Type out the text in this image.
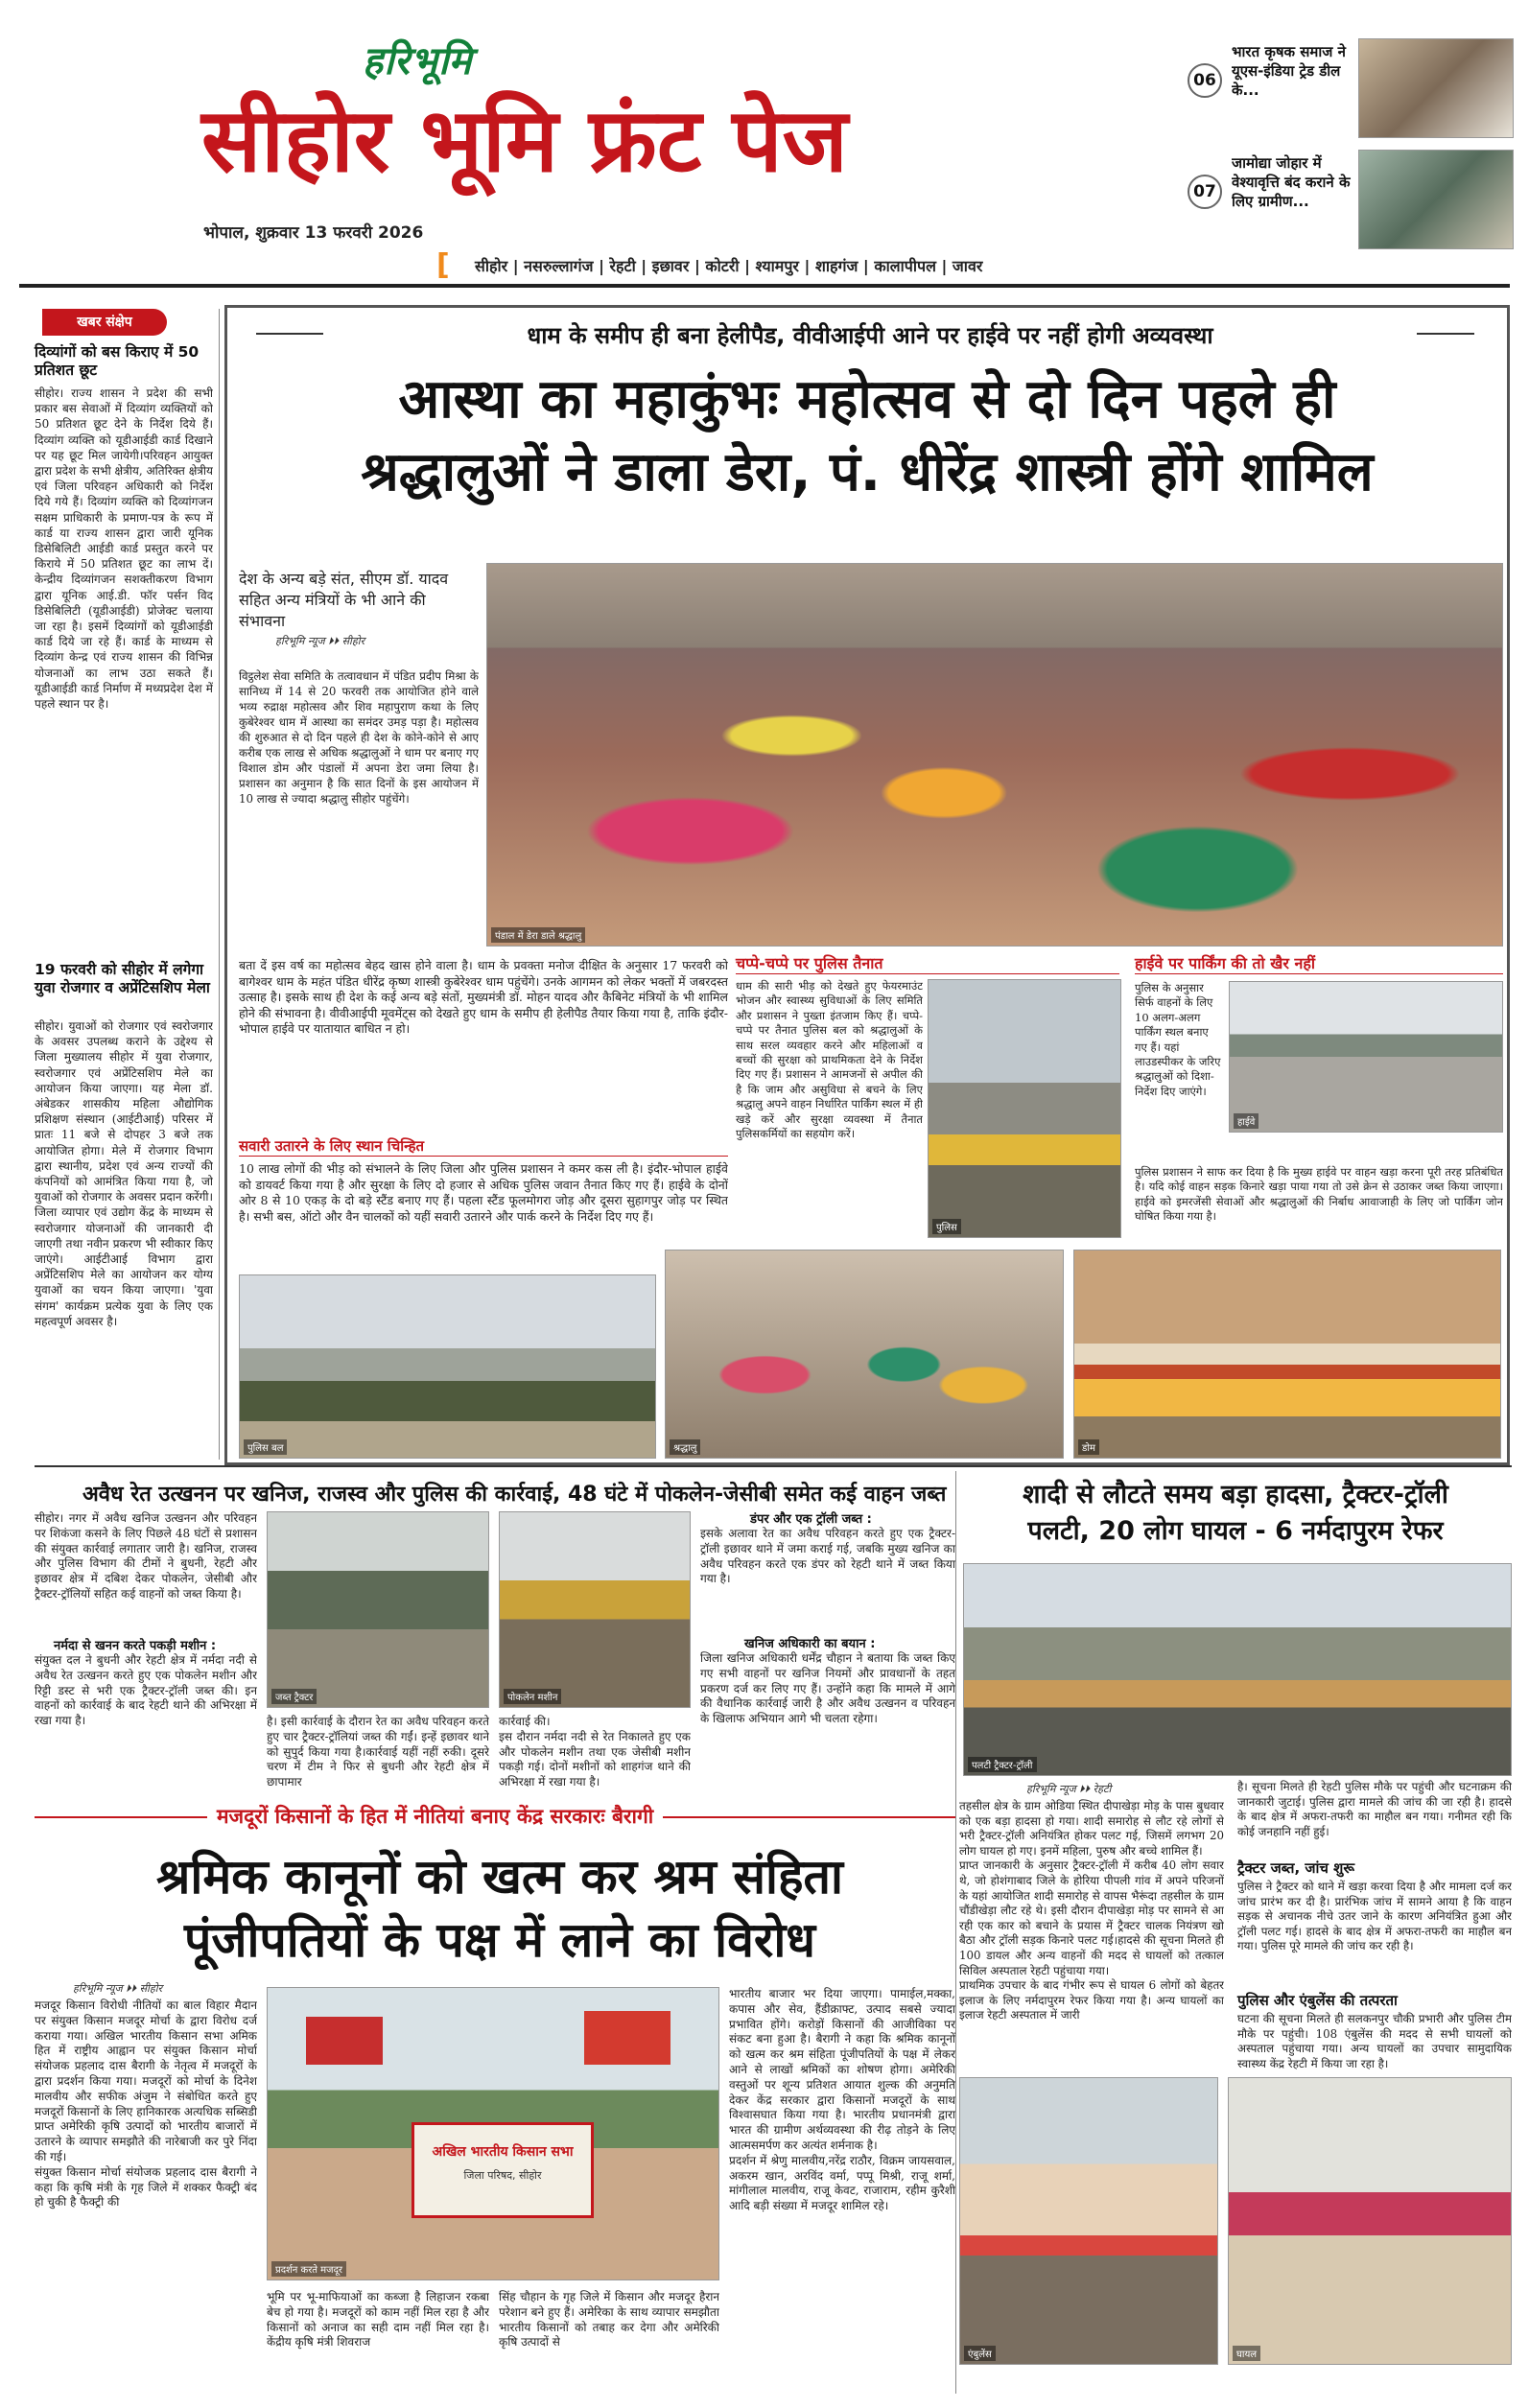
हरिभूमि
सीहोर भूमि फ्रंट पेज
भोपाल, शुक्रवार 13 फरवरी 2026
06
भारत कृषक समाज ने यूएस-इंडिया ट्रेड डील के...
07
जामोद्या जोहार में वेश्यावृत्ति बंद कराने के लिए ग्रामीण...
[ सीहोर | नसरुल्लागंज | रेहटी | इछावर | कोटरी | श्यामपुर | शाहगंज | कालापीपल | जावर
खबर संक्षेप
दिव्यांगों को बस किराए में 50 प्रतिशत छूट
सीहोर। राज्य शासन ने प्रदेश की सभी प्रकार बस सेवाओं में दिव्यांग व्यक्तियों को 50 प्रतिशत छूट देने के निर्देश दिये हैं। दिव्यांग व्यक्ति को यूडीआईडी कार्ड दिखाने पर यह छूट मिल जायेगी।परिवहन आयुक्त द्वारा प्रदेश के सभी क्षेत्रीय, अतिरिक्त क्षेत्रीय एवं जिला परिवहन अधिकारी को निर्देश दिये गये हैं। दिव्यांग व्यक्ति को दिव्यांगजन सक्षम प्राधिकारी के प्रमाण-पत्र के रूप में कार्ड या राज्य शासन द्वारा जारी यूनिक डिसेबिलिटी आईडी कार्ड प्रस्तुत करने पर किराये में 50 प्रतिशत छूट का लाभ दें।केन्द्रीय दिव्यांगजन सशक्तीकरण विभाग द्वारा यूनिक आई.डी. फॉर पर्सन विद डिसेबिलिटी (यूडीआईडी) प्रोजेक्ट चलाया जा रहा है। इसमें दिव्यांगों को यूडीआईडी कार्ड दिये जा रहे हैं। कार्ड के माध्यम से दिव्यांग केन्द्र एवं राज्य शासन की विभिन्न योजनाओं का लाभ उठा सकते हैं। यूडीआईडी कार्ड निर्माण में मध्यप्रदेश देश में पहले स्थान पर है।
19 फरवरी को सीहोर में लगेगा युवा रोजगार व अप्रेंटिसशिप मेला
सीहोर। युवाओं को रोजगार एवं स्वरोजगार के अवसर उपलब्ध कराने के उद्देश्य से जिला मुख्यालय सीहोर में युवा रोजगार, स्वरोजगार एवं अप्रेंटिसशिप मेले का आयोजन किया जाएगा। यह मेला डॉ. अंबेडकर शासकीय महिला औद्योगिक प्रशिक्षण संस्थान (आईटीआई) परिसर में प्रातः 11 बजे से दोपहर 3 बजे तक आयोजित होगा। मेले में रोजगार विभाग द्वारा स्थानीय, प्रदेश एवं अन्य राज्यों की कंपनियों को आमंत्रित किया गया है, जो युवाओं को रोजगार के अवसर प्रदान करेंगी। जिला व्यापार एवं उद्योग केंद्र के माध्यम से स्वरोजगार योजनाओं की जानकारी दी जाएगी तथा नवीन प्रकरण भी स्वीकार किए जाएंगे। आईटीआई विभाग द्वारा अप्रेंटिसशिप मेले का आयोजन कर योग्य युवाओं का चयन किया जाएगा। 'युवा संगम' कार्यक्रम प्रत्येक युवा के लिए एक महत्वपूर्ण अवसर है।
धाम के समीप ही बना हेलीपैड, वीवीआईपी आने पर हाईवे पर नहीं होगी अव्यवस्था
आस्था का महाकुंभः महोत्सव से दो दिन पहले ही
श्रद्धालुओं ने डाला डेरा, पं. धीरेंद्र शास्त्री होंगे शामिल
देश के अन्य बड़े संत, सीएम डॉ. यादव सहित अन्य मंत्रियों के भी आने की संभावना
हरिभूमि न्यूज ⏵⏵ सीहोर
पंडाल में डेरा डाले श्रद्धालु
विट्ठलेश सेवा समिति के तत्वावधान में पंडित प्रदीप मिश्रा के सानिध्य में 14 से 20 फरवरी तक आयोजित होने वाले भव्य रुद्राक्ष महोत्सव और शिव महापुराण कथा के लिए कुबेरेश्वर धाम में आस्था का समंदर उमड़ पड़ा है। महोत्सव की शुरुआत से दो दिन पहले ही देश के कोने-कोने से आए करीब एक लाख से अधिक श्रद्धालुओं ने धाम पर बनाए गए विशाल डोम और पंडालों में अपना डेरा जमा लिया है। प्रशासन का अनुमान है कि सात दिनों के इस आयोजन में 10 लाख से ज्यादा श्रद्धालु सीहोर पहुंचेंगे।
बता दें इस वर्ष का महोत्सव बेहद खास होने वाला है। धाम के प्रवक्ता मनोज दीक्षित के अनुसार 17 फरवरी को बागेश्वर धाम के महंत पंडित धीरेंद्र कृष्ण शास्त्री कुबेरेश्वर धाम पहुंचेंगे। उनके आगमन को लेकर भक्तों में जबरदस्त उत्साह है। इसके साथ ही देश के कई अन्य बड़े संतों, मुख्यमंत्री डॉ. मोहन यादव और कैबिनेट मंत्रियों के भी शामिल होने की संभावना है। वीवीआईपी मूवमेंट्स को देखते हुए धाम के समीप ही हेलीपैड तैयार किया गया है, ताकि इंदौर-भोपाल हाईवे पर यातायात बाधित न हो।
सवारी उतारने के लिए स्थान चिन्हित
10 लाख लोगों की भीड़ को संभालने के लिए जिला और पुलिस प्रशासन ने कमर कस ली है। इंदौर-भोपाल हाईवे को डायवर्ट किया गया है और सुरक्षा के लिए दो हजार से अधिक पुलिस जवान तैनात किए गए हैं। हाईवे के दोनों ओर 8 से 10 एकड़ के दो बड़े स्टैंड बनाए गए हैं। पहला स्टैंड फूलमोगरा जोड़ और दूसरा सुहागपुर जोड़ पर स्थित है। सभी बस, ऑटो और वैन चालकों को यहीं सवारी उतारने और पार्क करने के निर्देश दिए गए हैं।
चप्पे-चप्पे पर पुलिस तैनात
धाम की सारी भीड़ को देखते हुए फेयरमाउंट भोजन और स्वास्थ्य सुविधाओं के लिए समिति और प्रशासन ने पुख्ता इंतजाम किए हैं। चप्पे-चप्पे पर तैनात पुलिस बल को श्रद्धालुओं के साथ सरल व्यवहार करने और महिलाओं व बच्चों की सुरक्षा को प्राथमिकता देने के निर्देश दिए गए हैं। प्रशासन ने आमजनों से अपील की है कि जाम और असुविधा से बचने के लिए श्रद्धालु अपने वाहन निर्धारित पार्किंग स्थल में ही खड़े करें और सुरक्षा व्यवस्था में तैनात पुलिसकर्मियों का सहयोग करें।
पुलिस
हाईवे पर पार्किंग की तो खैर नहीं
पुलिस के अनुसार सिर्फ वाहनों के लिए 10 अलग-अलग पार्किंग स्थल बनाए गए हैं। यहां लाउडस्पीकर के जरिए श्रद्धालुओं को दिशा-निर्देश दिए जाएंगे।
हाईवे
पुलिस प्रशासन ने साफ कर दिया है कि मुख्य हाईवे पर वाहन खड़ा करना पूरी तरह प्रतिबंधित है। यदि कोई वाहन सड़क किनारे खड़ा पाया गया तो उसे क्रेन से उठाकर जब्त किया जाएगा। हाईवे को इमरजेंसी सेवाओं और श्रद्धालुओं की निर्बाध आवाजाही के लिए जो पार्किंग जोन घोषित किया गया है।
पुलिस बल	श्रद्धालु	डोम
अवैध रेत उत्खनन पर खनिज, राजस्व और पुलिस की कार्रवाई, 48 घंटे में पोकलेन-जेसीबी समेत कई वाहन जब्त
सीहोर। नगर में अवैध खनिज उत्खनन और परिवहन पर शिकंजा कसने के लिए पिछले 48 घंटों से प्रशासन की संयुक्त कार्रवाई लगातार जारी है। खनिज, राजस्व और पुलिस विभाग की टीमों ने बुधनी, रेहटी और इछावर क्षेत्र में दबिश देकर पोकलेन, जेसीबी और ट्रैक्टर-ट्रॉलियों सहित कई वाहनों को जब्त किया है।
नर्मदा से खनन करते पकड़ी मशीन :
संयुक्त दल ने बुधनी और रेहटी क्षेत्र में नर्मदा नदी से अवैध रेत उत्खनन करते हुए एक पोकलेन मशीन और रिट्टी डस्ट से भरी एक ट्रैक्टर-ट्रॉली जब्त की। इन वाहनों को कार्रवाई के बाद रेहटी थाने की अभिरक्षा में रखा गया है।
जब्त ट्रैक्टर	पोकलेन मशीन
है। इसी कार्रवाई के दौरान रेत का अवैध परिवहन करते हुए चार ट्रैक्टर-ट्रॉलियां जब्त की गईं। इन्हें इछावर थाने को सुपुर्द किया गया है।कार्रवाई यहीं नहीं रुकी। दूसरे चरण में टीम ने फिर से बुधनी और रेहटी क्षेत्र में छापामार
कार्रवाई की।
इस दौरान नर्मदा नदी से रेत निकालते हुए एक और पोकलेन मशीन तथा एक जेसीबी मशीन पकड़ी गई। दोनों मशीनों को शाहगंज थाने की अभिरक्षा में रखा गया है।
डंपर और एक ट्रॉली जब्त :
इसके अलावा रेत का अवैध परिवहन करते हुए एक ट्रैक्टर-ट्रॉली इछावर थाने में जमा कराई गई, जबकि मुख्य खनिज का अवैध परिवहन करते एक डंपर को रेहटी थाने में जब्त किया गया है।
खनिज अधिकारी का बयान :
जिला खनिज अधिकारी धर्मेंद्र चौहान ने बताया कि जब्त किए गए सभी वाहनों पर खनिज नियमों और प्रावधानों के तहत प्रकरण दर्ज कर लिए गए हैं। उन्होंने कहा कि मामले में आगे की वैधानिक कार्रवाई जारी है और अवैध उत्खनन व परिवहन के खिलाफ अभियान आगे भी चलता रहेगा।
मजदूरों किसानों के हित में नीतियां बनाए केंद्र सरकारः बैरागी
श्रमिक कानूनों को खत्म कर श्रम संहिता
पूंजीपतियों के पक्ष में लाने का विरोध
हरिभूमि न्यूज ⏵⏵ सीहोर
मजदूर किसान विरोधी नीतियों का बाल विहार मैदान पर संयुक्त किसान मजदूर मोर्चा के द्वारा विरोध दर्ज कराया गया। अखिल भारतीय किसान सभा अमिक हित में राष्ट्रीय आह्वान पर संयुक्त किसान मोर्चा संयोजक प्रहलाद दास बैरागी के नेतृत्व में मजदूरों के द्वारा प्रदर्शन किया गया। मजदूरों को मोर्चा के दिनेश मालवीय और सफीक अंजुम ने संबोधित करते हुए मजदूरों किसानों के लिए हानिकारक अत्यधिक सब्सिडी प्राप्त अमेरिकी कृषि उत्पादों को भारतीय बाजारों में उतारने के व्यापार समझौते की नारेबाजी कर पुरे निंदा की गई।
संयुक्त किसान मोर्चा संयोजक प्रहलाद दास बैरागी ने कहा कि कृषि मंत्री के गृह जिले में शक्कर फैक्ट्री बंद हो चुकी है फैक्ट्री की
अखिल भारतीय किसान सभा
जिला परिषद, सीहोर
प्रदर्शन करते मजदूर
भूमि पर भू-माफियाओं का कब्जा है लिहाजन रकबा बेच हो गया है। मजदूरों को काम नहीं मिल रहा है और किसानों को अनाज का सही दाम नहीं मिल रहा है। केंद्रीय कृषि मंत्री शिवराज
सिंह चौहान के गृह जिले में किसान और मजदूर हैरान परेशान बने हुए हैं। अमेरिका के साथ व्यापार समझौता भारतीय किसानों को तबाह कर देगा और अमेरिकी कृषि उत्पादों से
भारतीय बाजार भर दिया जाएगा। पामाईल,मक्का, कपास और सेव, हैंडीक्राफ्ट, उत्पाद सबसे ज्यादा प्रभावित होंगे। करोड़ों किसानों की आजीविका पर संकट बना हुआ है। बैरागी ने कहा कि श्रमिक कानूनों को खत्म कर श्रम संहिता पूंजीपतियों के पक्ष में लेकर आने से लाखों श्रमिकों का शोषण होगा। अमेरिकी वस्तुओं पर शून्य प्रतिशत आयात शुल्क की अनुमति देकर केंद्र सरकार द्वारा किसानों मजदूरों के साथ विश्वासघात किया गया है। भारतीय प्रधानमंत्री द्वारा भारत की ग्रामीण अर्थव्यवस्था की रीढ़ तोड़ने के लिए आत्मसमर्पण कर अत्यंत शर्मनाक है।
प्रदर्शन में श्रेणु मालवीय,नरेंद्र राठौर, विक्रम जायसवाल, अकरम खान, अरविंद वर्मा, पप्पू मिश्री, राजू शर्मा, मांगीलाल मालवीय, राजू केवट, राजाराम, रहीम कुरैशी आदि बड़ी संख्या में मजदूर शामिल रहे।
शादी से लौटते समय बड़ा हादसा, ट्रैक्टर-ट्रॉली
पलटी, 20 लोग घायल - 6 नर्मदापुरम रेफर
पलटी ट्रैक्टर-ट्रॉली
हरिभूमि न्यूज ⏵⏵ रेहटी
तहसील क्षेत्र के ग्राम ओडिया स्थित दीपाखेड़ा मोड़ के पास बुधवार को एक बड़ा हादसा हो गया। शादी समारोह से लौट रहे लोगों से भरी ट्रैक्टर-ट्रॉली अनियंत्रित होकर पलट गई, जिसमें लगभग 20 लोग घायल हो गए। इनमें महिला, पुरुष और बच्चे शामिल हैं।
प्राप्त जानकारी के अनुसार ट्रैक्टर-ट्रॉली में करीब 40 लोग सवार थे, जो होशंगाबाद जिले के होरिया पीपली गांव में अपने परिजनों के यहां आयोजित शादी समारोह से वापस भैरूंदा तहसील के ग्राम चौंडीखेड़ा लौट रहे थे। इसी दौरान दीपाखेड़ा मोड़ पर सामने से आ रही एक कार को बचाने के प्रयास में ट्रैक्टर चालक नियंत्रण खो बैठा और ट्रॉली सड़क किनारे पलट गई।हादसे की सूचना मिलते ही 100 डायल और अन्य वाहनों की मदद से घायलों को तत्काल सिविल अस्पताल रेहटी पहुंचाया गया।
प्राथमिक उपचार के बाद गंभीर रूप से घायल 6 लोगों को बेहतर इलाज के लिए नर्मदापुरम रेफर किया गया है। अन्य घायलों का इलाज रेहटी अस्पताल में जारी
है। सूचना मिलते ही रेहटी पुलिस मौके पर पहुंची और घटनाक्रम की जानकारी जुटाई। पुलिस द्वारा मामले की जांच की जा रही है। हादसे के बाद क्षेत्र में अफरा-तफरी का माहौल बन गया। गनीमत रही कि कोई जनहानि नहीं हुई।
ट्रैक्टर जब्त, जांच शुरू
पुलिस ने ट्रैक्टर को थाने में खड़ा करवा दिया है और मामला दर्ज कर जांच प्रारंभ कर दी है। प्रारंभिक जांच में सामने आया है कि वाहन सड़क से अचानक नीचे उतर जाने के कारण अनियंत्रित हुआ और ट्रॉली पलट गई। हादसे के बाद क्षेत्र में अफरा-तफरी का माहौल बन गया। पुलिस पूरे मामले की जांच कर रही है।
पुलिस और एंबुलेंस की तत्परता
घटना की सूचना मिलते ही सलकनपुर चौकी प्रभारी और पुलिस टीम मौके पर पहुंची। 108 एंबुलेंस की मदद से सभी घायलों को अस्पताल पहुंचाया गया। अन्य घायलों का उपचार सामुदायिक स्वास्थ्य केंद्र रेहटी में किया जा रहा है।
एंबुलेंस	घायल
